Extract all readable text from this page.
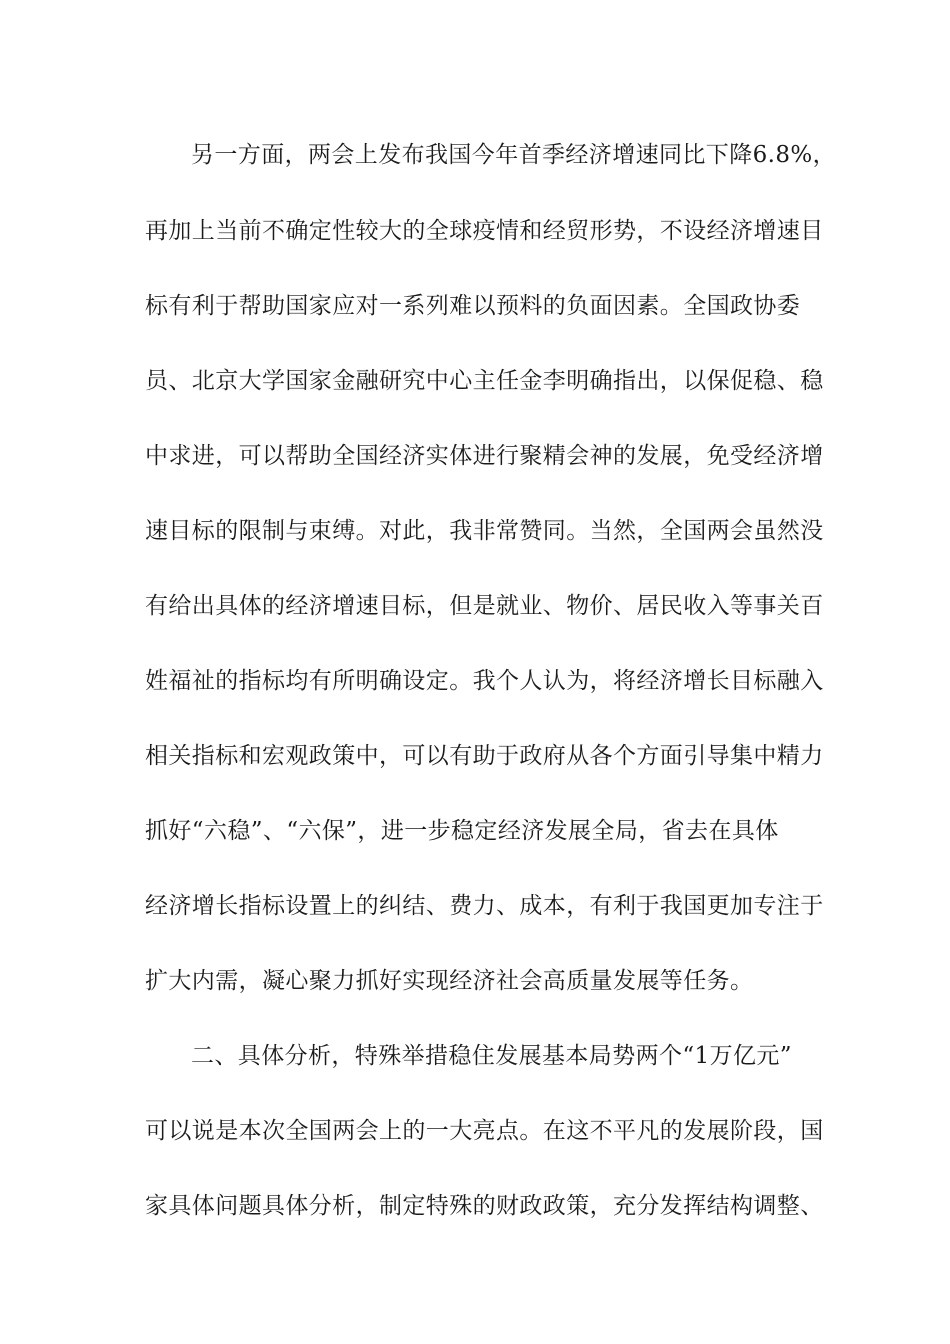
另一方面，两会上发布我国今年首季经济增速同比下降6.8%，
再加上当前不确定性较大的全球疫情和经贸形势，不设经济增速目
标有利于帮助国家应对一系列难以预料的负面因素。全国政协委
员、北京大学国家金融研究中心主任金李明确指出，以保促稳、稳
中求进，可以帮助全国经济实体进行聚精会神的发展，免受经济增
速目标的限制与束缚。对此，我非常赞同。当然，全国两会虽然没
有给出具体的经济增速目标，但是就业、物价、居民收入等事关百
姓福祉的指标均有所明确设定。我个人认为，将经济增长目标融入
相关指标和宏观政策中，可以有助于政府从各个方面引导集中精力
抓好“六稳”、“六保”，进一步稳定经济发展全局，省去在具体
经济增长指标设置上的纠结、费力、成本，有利于我国更加专注于
扩大内需，凝心聚力抓好实现经济社会高质量发展等任务。
二、具体分析，特殊举措稳住发展基本局势两个“1万亿元”
可以说是本次全国两会上的一大亮点。在这不平凡的发展阶段，国
家具体问题具体分析，制定特殊的财政政策，充分发挥结构调整、
